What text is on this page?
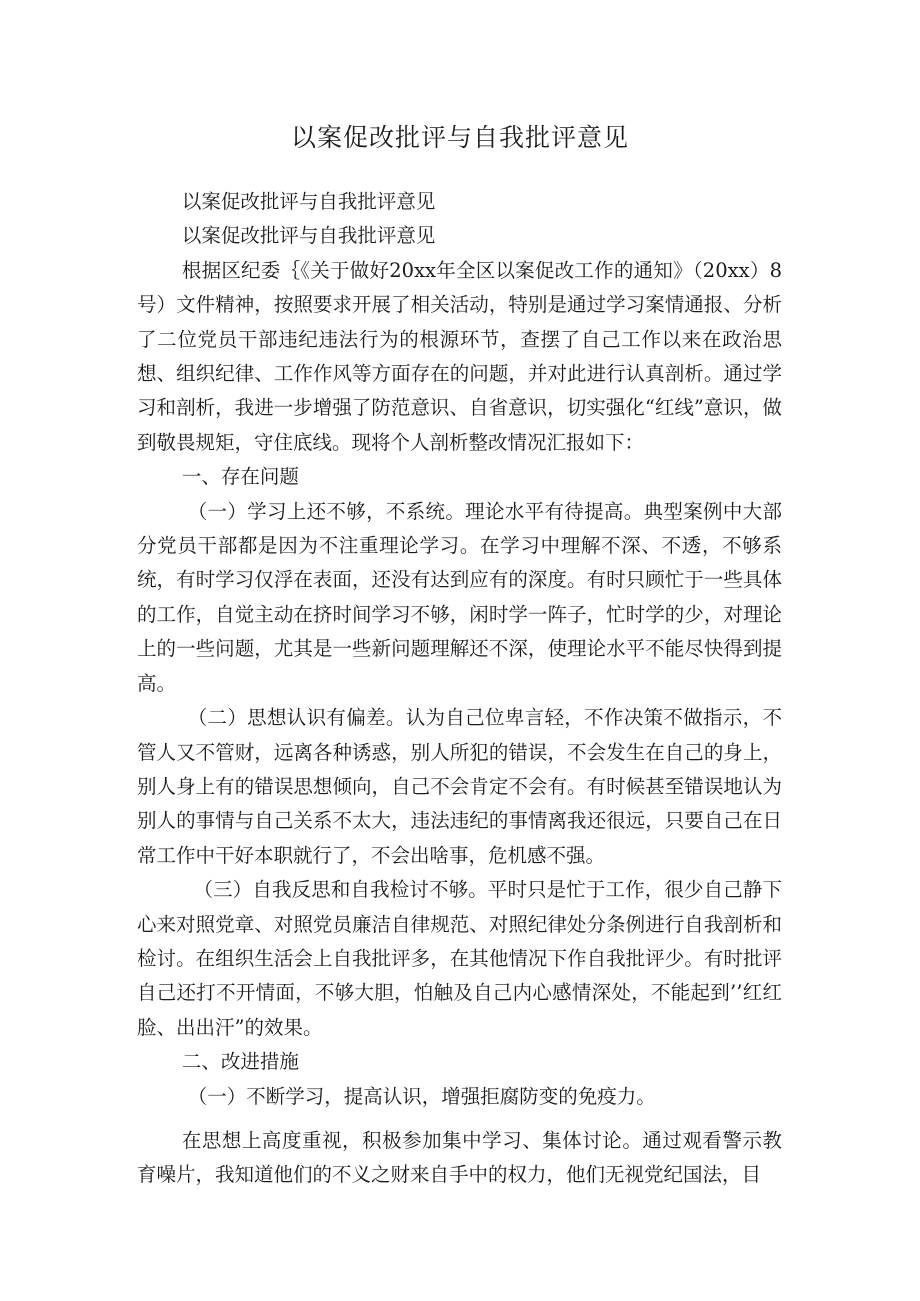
以案促改批评与自我批评意见

以案促改批评与自我批评意见

以案促改批评与自我批评意见

根据区纪委｛《关于做好20xx年全区以案促改工作的通知》（20xx）8号）文件精神，按照要求开展了相关活动，特别是通过学习案情通报、分析了二位党员干部违纪违法行为的根源环节，查摆了自己工作以来在政治思想、组织纪律、工作作风等方面存在的问题，并对此进行认真剖析。通过学习和剖析，我进一步增强了防范意识、自省意识，切实强化“红线”意识，做到敬畏规矩，守住底线。现将个人剖析整改情况汇报如下：

一、存在问题

（一）学习上还不够，不系统。理论水平有待提高。典型案例中大部分党员干部都是因为不注重理论学习。在学习中理解不深、不透，不够系统，有时学习仅浮在表面，还没有达到应有的深度。有时只顾忙于一些具体的工作，自觉主动在挤时间学习不够，闲时学一阵子，忙时学的少，对理论上的一些问题，尤其是一些新问题理解还不深，使理论水平不能尽快得到提高。

（二）思想认识有偏差。认为自己位卑言轻，不作决策不做指示，不管人又不管财，远离各种诱惑，别人所犯的错误，不会发生在自己的身上，别人身上有的错误思想倾向，自己不会肯定不会有。有时候甚至错误地认为别人的事情与自己关系不太大，违法违纪的事情离我还很远，只要自己在日常工作中干好本职就行了，不会出啥事，危机感不强。

（三）自我反思和自我检讨不够。平时只是忙于工作，很少自己静下心来对照党章、对照党员廉洁自律规范、对照纪律处分条例进行自我剖析和检讨。在组织生活会上自我批评多，在其他情况下作自我批评少。有时批评自己还打不开情面，不够大胆，怕触及自己内心感情深处，不能起到’’红红脸、出出汗”的效果。

二、改进措施

（一）不断学习，提高认识，增强拒腐防变的免疫力。

在思想上高度重视，积极参加集中学习、集体讨论。通过观看警示教育噪片，我知道他们的不义之财来自手中的权力，他们无视党纪国法，目
